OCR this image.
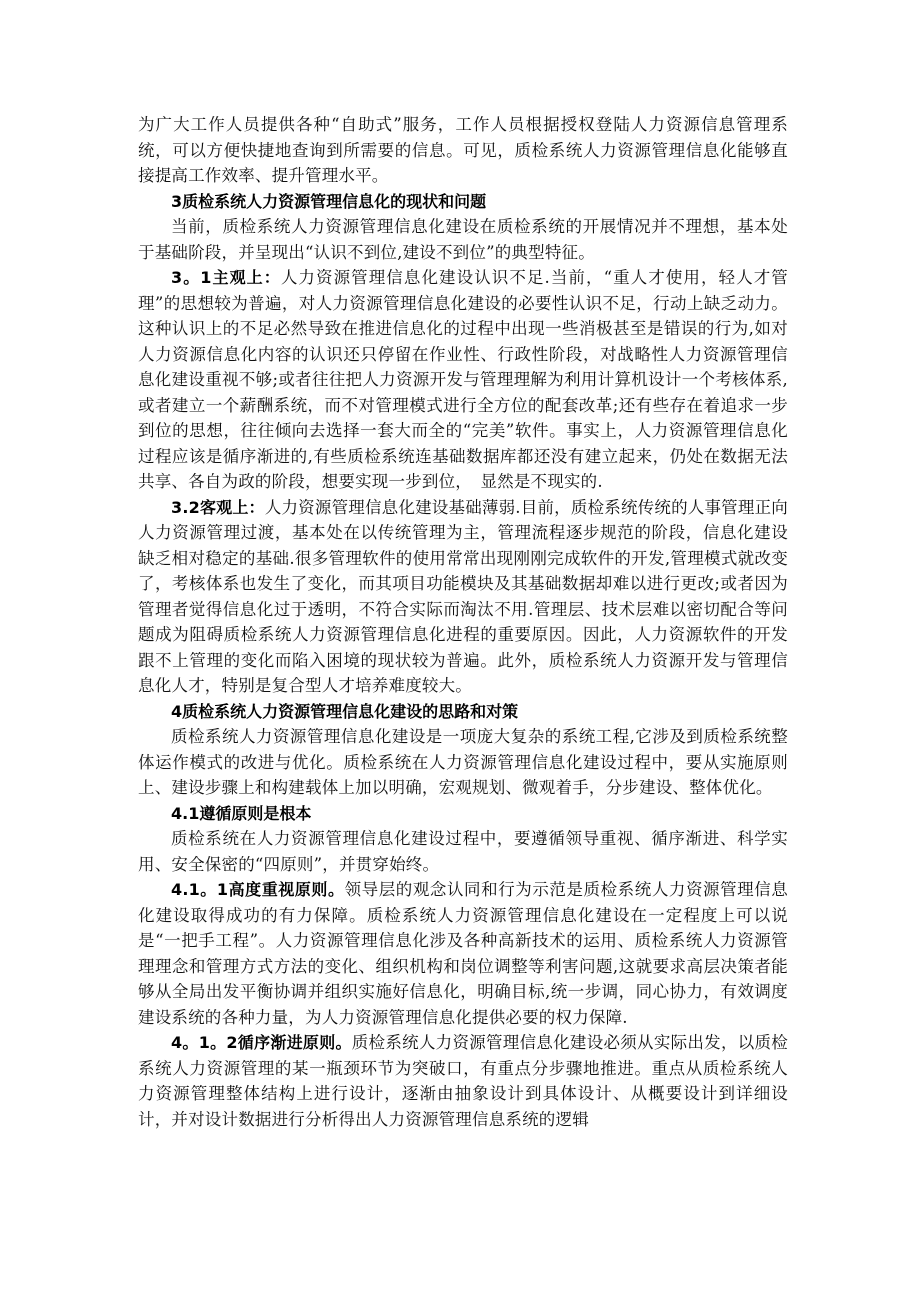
为广大工作人员提供各种“自助式”服务，工作人员根据授权登陆人力资源信息管理系统，可以方便快捷地查询到所需要的信息。可见，质检系统人力资源管理信息化能够直接提高工作效率、提升管理水平。

3质检系统人力资源管理信息化的现状和问题

当前，质检系统人力资源管理信息化建设在质检系统的开展情况并不理想，基本处于基础阶段，并呈现出“认识不到位,建设不到位”的典型特征。

3。1主观上：人力资源管理信息化建设认识不足.当前，“重人才使用，轻人才管理”的思想较为普遍，对人力资源管理信息化建设的必要性认识不足，行动上缺乏动力。这种认识上的不足必然导致在推进信息化的过程中出现一些消极甚至是错误的行为,如对人力资源信息化内容的认识还只停留在作业性、行政性阶段，对战略性人力资源管理信息化建设重视不够;或者往往把人力资源开发与管理理解为利用计算机设计一个考核体系,或者建立一个薪酬系统，而不对管理模式进行全方位的配套改革;还有些存在着追求一步到位的思想，往往倾向去选择一套大而全的“完美”软件。事实上，人力资源管理信息化过程应该是循序渐进的,有些质检系统连基础数据库都还没有建立起来，仍处在数据无法共享、各自为政的阶段，想要实现一步到位，　显然是不现实的.

3.2客观上：人力资源管理信息化建设基础薄弱.目前，质检系统传统的人事管理正向人力资源管理过渡，基本处在以传统管理为主，管理流程逐步规范的阶段，信息化建设缺乏相对稳定的基础.很多管理软件的使用常常出现刚刚完成软件的开发,管理模式就改变了，考核体系也发生了变化，而其项目功能模块及其基础数据却难以进行更改;或者因为管理者觉得信息化过于透明，不符合实际而淘汰不用.管理层、技术层难以密切配合等问题成为阻碍质检系统人力资源管理信息化进程的重要原因。因此，人力资源软件的开发跟不上管理的变化而陷入困境的现状较为普遍。此外，质检系统人力资源开发与管理信息化人才，特别是复合型人才培养难度较大。

4质检系统人力资源管理信息化建设的思路和对策

质检系统人力资源管理信息化建设是一项庞大复杂的系统工程,它涉及到质检系统整体运作模式的改进与优化。质检系统在人力资源管理信息化建设过程中，要从实施原则上、建设步骤上和构建载体上加以明确，宏观规划、微观着手，分步建设、整体优化。

4.1遵循原则是根本

质检系统在人力资源管理信息化建设过程中，要遵循领导重视、循序渐进、科学实用、安全保密的“四原则”，并贯穿始终。

4.1。1高度重视原则。领导层的观念认同和行为示范是质检系统人力资源管理信息化建设取得成功的有力保障。质检系统人力资源管理信息化建设在一定程度上可以说是“一把手工程”。人力资源管理信息化涉及各种高新技术的运用、质检系统人力资源管理理念和管理方式方法的变化、组织机构和岗位调整等利害问题,这就要求高层决策者能够从全局出发平衡协调并组织实施好信息化，明确目标,统一步调，同心协力，有效调度建设系统的各种力量，为人力资源管理信息化提供必要的权力保障.

4。1。2循序渐进原则。质检系统人力资源管理信息化建设必须从实际出发，以质检系统人力资源管理的某一瓶颈环节为突破口，有重点分步骤地推进。重点从质检系统人力资源管理整体结构上进行设计，逐渐由抽象设计到具体设计、从概要设计到详细设计，并对设计数据进行分析得出人力资源管理信息系统的逻辑
